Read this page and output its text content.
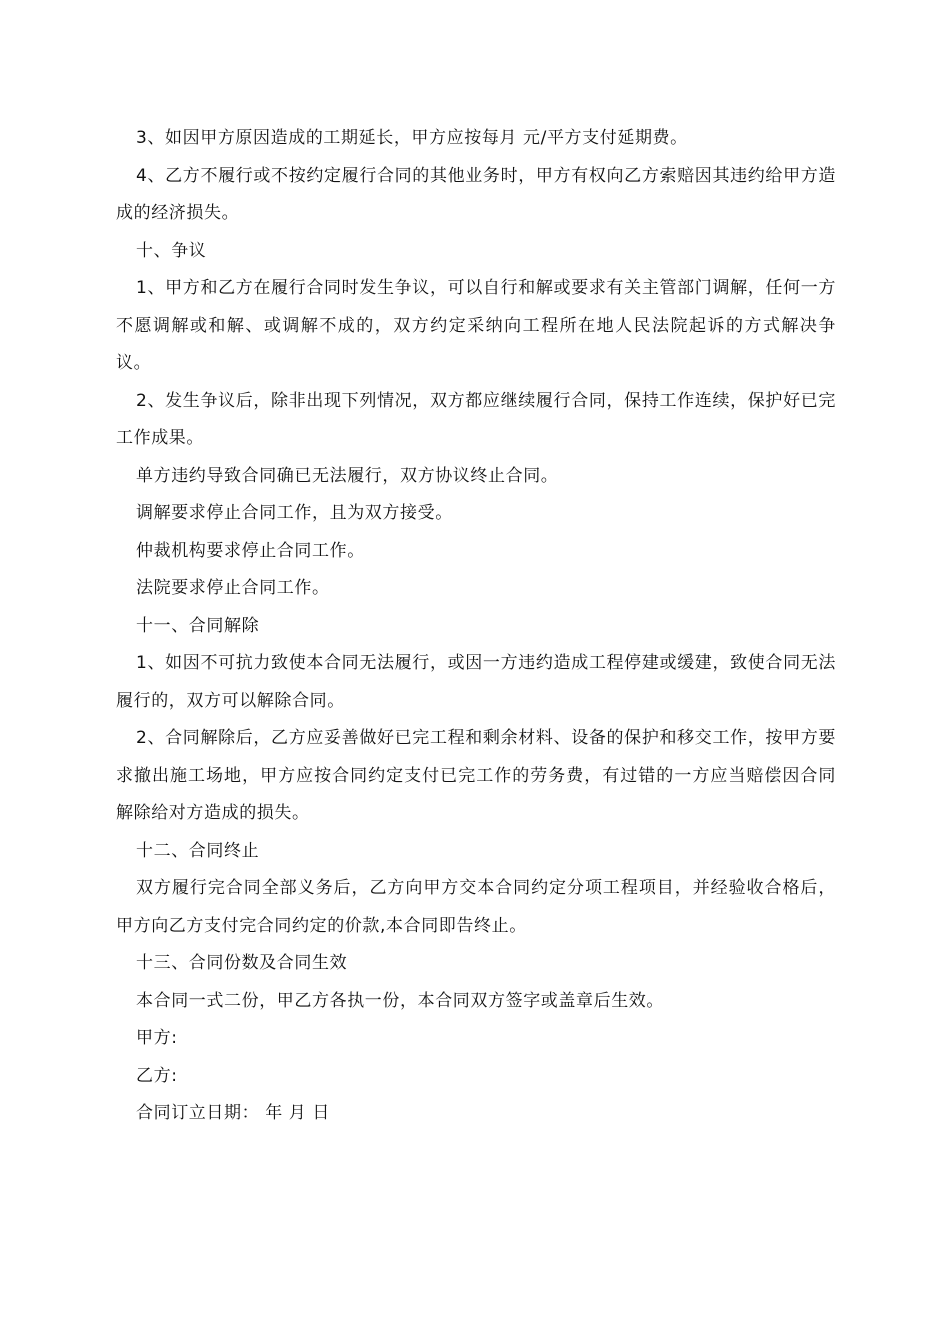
3、如因甲方原因造成的工期延长，甲方应按每月 元/平方支付延期费。

4、乙方不履行或不按约定履行合同的其他业务时，甲方有权向乙方索赔因其违约给甲方造成的经济损失。

十、争议

1、甲方和乙方在履行合同时发生争议，可以自行和解或要求有关主管部门调解，任何一方不愿调解或和解、或调解不成的，双方约定采纳向工程所在地人民法院起诉的方式解决争议。

2、发生争议后，除非出现下列情况，双方都应继续履行合同，保持工作连续，保护好已完工作成果。

单方违约导致合同确已无法履行，双方协议终止合同。

调解要求停止合同工作，且为双方接受。

仲裁机构要求停止合同工作。

法院要求停止合同工作。

十一、合同解除

1、如因不可抗力致使本合同无法履行，或因一方违约造成工程停建或缓建，致使合同无法履行的，双方可以解除合同。

2、合同解除后，乙方应妥善做好已完工程和剩余材料、设备的保护和移交工作，按甲方要求撤出施工场地，甲方应按合同约定支付已完工作的劳务费，有过错的一方应当赔偿因合同解除给对方造成的损失。

十二、合同终止

双方履行完合同全部义务后，乙方向甲方交本合同约定分项工程项目，并经验收合格后，甲方向乙方支付完合同约定的价款,本合同即告终止。

十三、合同份数及合同生效

本合同一式二份，甲乙方各执一份，本合同双方签字或盖章后生效。

甲方:

乙方:

合同订立日期： 年 月 日
